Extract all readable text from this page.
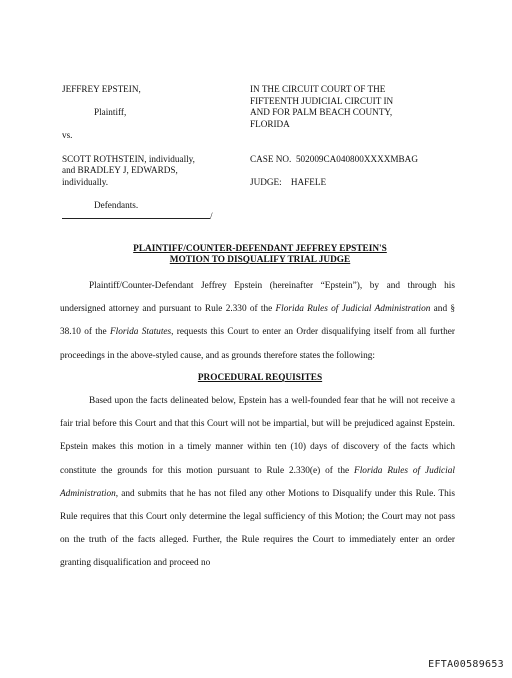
JEFFREY EPSTEIN,
Plaintiff,
vs.
SCOTT ROTHSTEIN, individually,
and BRADLEY J, EDWARDS,
individually.
Defendants.
/
IN THE CIRCUIT COURT OF THE
FIFTEENTH JUDICIAL CIRCUIT IN
AND FOR PALM BEACH COUNTY,
FLORIDA
CASE NO. 502009CA040800XXXXMBAG
JUDGE: HAFELE
PLAINTIFF/COUNTER-DEFENDANT JEFFREY EPSTEIN'S
MOTION TO DISQUALIFY TRIAL JUDGE
Plaintiff/Counter-Defendant Jeffrey Epstein (hereinafter “Epstein”), by and through his undersigned attorney and pursuant to Rule 2.330 of the Florida Rules of Judicial Administration and § 38.10 of the Florida Statutes, requests this Court to enter an Order disqualifying itself from all further proceedings in the above-styled cause, and as grounds therefore states the following:
PROCEDURAL REQUISITES
Based upon the facts delineated below, Epstein has a well-founded fear that he will not receive a fair trial before this Court and that this Court will not be impartial, but will be prejudiced against Epstein. Epstein makes this motion in a timely manner within ten (10) days of discovery of the facts which constitute the grounds for this motion pursuant to Rule 2.330(e) of the Florida Rules of Judicial Administration, and submits that he has not filed any other Motions to Disqualify under this Rule. This Rule requires that this Court only determine the legal sufficiency of this Motion; the Court may not pass on the truth of the facts alleged. Further, the Rule requires the Court to immediately enter an order granting disqualification and proceed no
EFTA00589653
